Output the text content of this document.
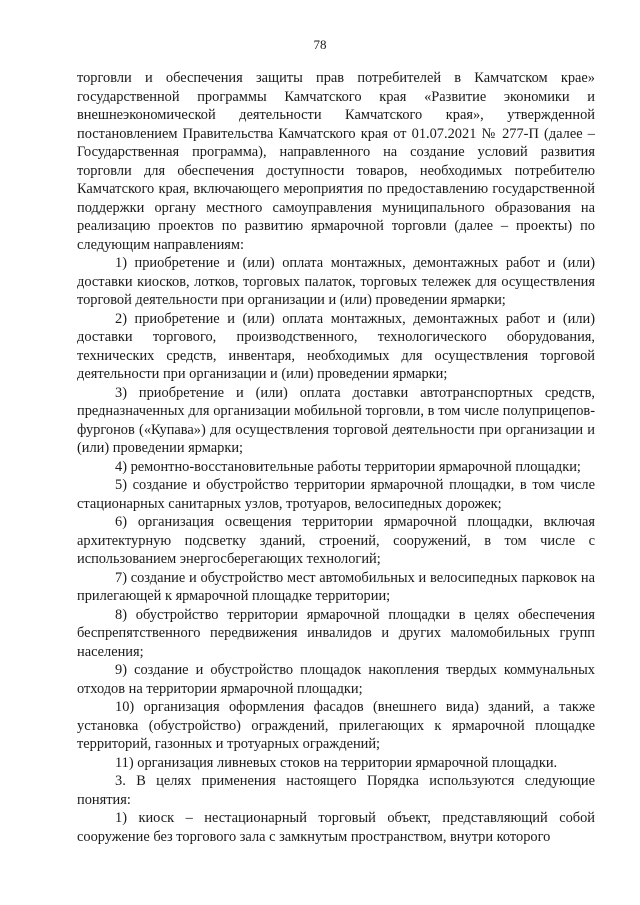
78

торговли и обеспечения защиты прав потребителей в Камчатском крае» государственной программы Камчатского края «Развитие экономики и внешнеэкономической деятельности Камчатского края», утвержденной постановлением Правительства Камчатского края от 01.07.2021 № 277-П (далее – Государственная программа), направленного на создание условий развития торговли для обеспечения доступности товаров, необходимых потребителю Камчатского края, включающего мероприятия по предоставлению государственной поддержки органу местного самоуправления муниципального образования на реализацию проектов по развитию ярмарочной торговли (далее – проекты) по следующим направлениям:

1) приобретение и (или) оплата монтажных, демонтажных работ и (или) доставки киосков, лотков, торговых палаток, торговых тележек для осуществления торговой деятельности при организации и (или) проведении ярмарки;

2) приобретение и (или) оплата монтажных, демонтажных работ и (или) доставки торгового, производственного, технологического оборудования, технических средств, инвентаря, необходимых для осуществления торговой деятельности при организации и (или) проведении ярмарки;

3) приобретение и (или) оплата доставки автотранспортных средств, предназначенных для организации мобильной торговли, в том числе полуприцепов-фургонов («Купава») для осуществления торговой деятельности при организации и (или) проведении ярмарки;

4) ремонтно-восстановительные работы территории ярмарочной площадки;

5) создание и обустройство территории ярмарочной площадки, в том числе стационарных санитарных узлов, тротуаров, велосипедных дорожек;

6) организация освещения территории ярмарочной площадки, включая архитектурную подсветку зданий, строений, сооружений, в том числе с использованием энергосберегающих технологий;

7) создание и обустройство мест автомобильных и велосипедных парковок на прилегающей к ярмарочной площадке территории;

8) обустройство территории ярмарочной площадки в целях обеспечения беспрепятственного передвижения инвалидов и других маломобильных групп населения;

9) создание и обустройство площадок накопления твердых коммунальных отходов на территории ярмарочной площадки;

10) организация оформления фасадов (внешнего вида) зданий, а также установка (обустройство) ограждений, прилегающих к ярмарочной площадке территорий, газонных и тротуарных ограждений;

11) организация ливневых стоков на территории ярмарочной площадки.

3. В целях применения настоящего Порядка используются следующие понятия:

1) киоск – нестационарный торговый объект, представляющий собой сооружение без торгового зала с замкнутым пространством, внутри которого
